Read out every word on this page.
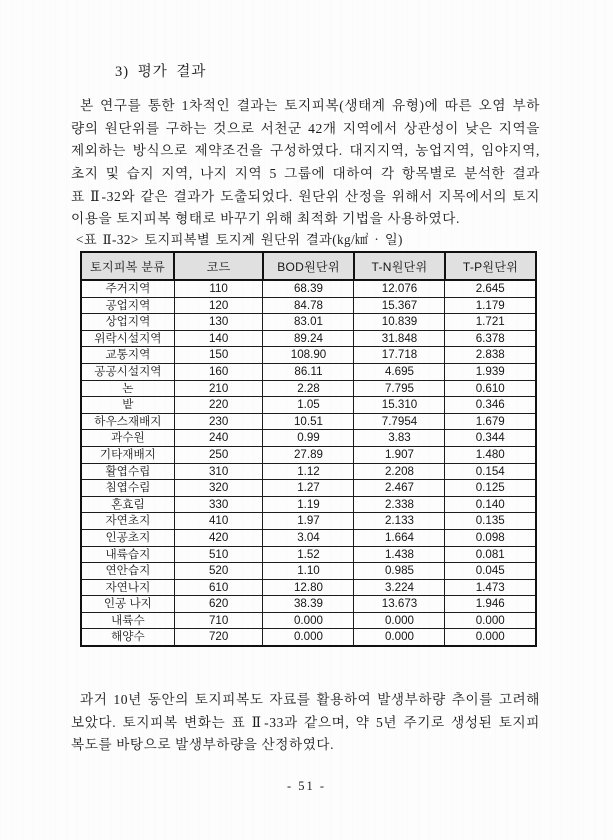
3) 평가 결과
본 연구를 통한 1차적인 결과는 토지피복(생태계 유형)에 따른 오염 부하
량의 원단위를 구하는 것으로 서천군 42개 지역에서 상관성이 낮은 지역을
제외하는 방식으로 제약조건을 구성하였다. 대지지역, 농업지역, 임야지역,
초지 및 습지 지역, 나지 지역 5 그룹에 대하여 각 항목별로 분석한 결과
표 Ⅱ-32와 같은 결과가 도출되었다. 원단위 산정을 위해서 지목에서의 토지
이용을 토지피복 형태로 바꾸기 위해 최적화 기법을 사용하였다.
<표 Ⅱ-32> 토지피복별 토지계 원단위 결과(kg/㎢ · 일)
토지피복 분류	코드	BOD원단위	T-N원단위	T-P원단위
주거지역	110	68.39	12.076	2.645
공업지역	120	84.78	15.367	1.179
상업지역	130	83.01	10.839	1.721
위락시설지역	140	89.24	31.848	6.378
교통지역	150	108.90	17.718	2.838
공공시설지역	160	86.11	4.695	1.939
논	210	2.28	7.795	0.610
밭	220	1.05	15.310	0.346
하우스재배지	230	10.51	7.7954	1.679
과수원	240	0.99	3.83	0.344
기타재배지	250	27.89	1.907	1.480
활엽수립	310	1.12	2.208	0.154
침엽수림	320	1.27	2.467	0.125
혼효림	330	1.19	2.338	0.140
자연초지	410	1.97	2.133	0.135
인공초지	420	3.04	1.664	0.098
내륙습지	510	1.52	1.438	0.081
연안습지	520	1.10	0.985	0.045
자연나지	610	12.80	3.224	1.473
인공 나지	620	38.39	13.673	1.946
내륙수	710	0.000	0.000	0.000
해양수	720	0.000	0.000	0.000
과거 10년 동안의 토지피복도 자료를 활용하여 발생부하량 추이를 고려해
보았다. 토지피복 변화는 표 Ⅱ-33과 같으며, 약 5년 주기로 생성된 토지피
복도를 바탕으로 발생부하량을 산정하였다.
- 51 -
